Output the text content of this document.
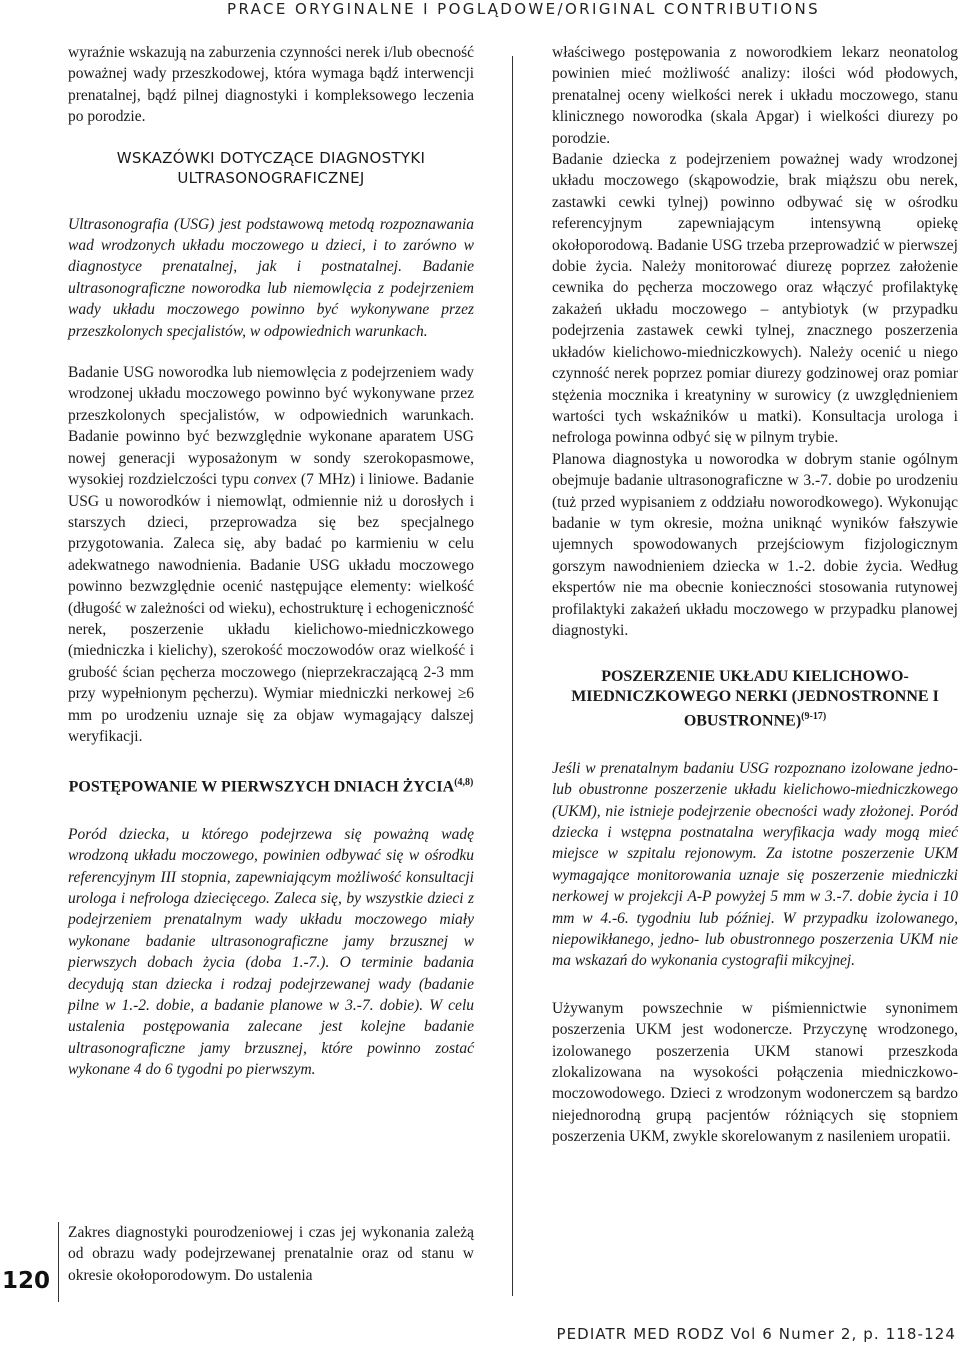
PRACE ORYGINALNE I POGLĄDOWE/ORIGINAL CONTRIBUTIONS

wyraźnie wskazują na zaburzenia czynności nerek i/lub obecność poważnej wady przeszkodowej, która wymaga bądź interwencji prenatalnej, bądź pilnej diagnostyki i kompleksowego leczenia po porodzie.

WSKAZÓWKI DOTYCZĄCE DIAGNOSTYKI ULTRASONOGRAFICZNEJ

Ultrasonografia (USG) jest podstawową metodą rozpoznawania wad wrodzonych układu moczowego u dzieci, i to zarówno w diagnostyce prenatalnej, jak i postnatalnej. Badanie ultrasonograficzne noworodka lub niemowlęcia z podejrzeniem wady układu moczowego powinno być wykonywane przez przeszkolonych specjalistów, w odpowiednich warunkach.

Badanie USG noworodka lub niemowlęcia z podejrzeniem wady wrodzonej układu moczowego powinno być wykonywane przez przeszkolonych specjalistów, w odpowiednich warunkach. Badanie powinno być bezwzględnie wykonane aparatem USG nowej generacji wyposażonym w sondy szerokopasmowe, wysokiej rozdzielczości typu convex (7 MHz) i liniowe. Badanie USG u noworodków i niemowląt, odmiennie niż u dorosłych i starszych dzieci, przeprowadza się bez specjalnego przygotowania. Zaleca się, aby badać po karmieniu w celu adekwatnego nawodnienia. Badanie USG układu moczowego powinno bezwzględnie ocenić następujące elementy: wielkość (długość w zależności od wieku), echostrukturę i echogeniczność nerek, poszerzenie układu kielichowo-miedniczkowego (miedniczka i kielichy), szerokość moczowodów oraz wielkość i grubość ścian pęcherza moczowego (nieprzekraczającą 2-3 mm przy wypełnionym pęcherzu). Wymiar miedniczki nerkowej ≥6 mm po urodzeniu uznaje się za objaw wymagający dalszej weryfikacji.

POSTĘPOWANIE W PIERWSZYCH DNIACH ŻYCIA$^{(4,8)}$

Poród dziecka, u którego podejrzewa się poważną wadę wrodzoną układu moczowego, powinien odbywać się w ośrodku referencyjnym III stopnia, zapewniającym możliwość konsultacji urologa i nefrologa dziecięcego. Zaleca się, by wszystkie dzieci z podejrzeniem prenatalnym wady układu moczowego miały wykonane badanie ultrasonograficzne jamy brzusznej w pierwszych dobach życia (doba 1.-7.). O terminie badania decydują stan dziecka i rodzaj podejrzewanej wady (badanie pilne w 1.-2. dobie, a badanie planowe w 3.-7. dobie). W celu ustalenia postępowania zalecane jest kolejne badanie ultrasonograficzne jamy brzusznej, które powinno zostać wykonane 4 do 6 tygodni po pierwszym.

Zakres diagnostyki pourodzeniowej i czas jej wykonania zależą od obrazu wady podejrzewanej prenatalnie oraz od stanu w okresie okołoporodowym. Do ustalenia

właściwego postępowania z noworodkiem lekarz neonatolog powinien mieć możliwość analizy: ilości wód płodowych, prenatalnej oceny wielkości nerek i układu moczowego, stanu klinicznego noworodka (skala Apgar) i wielkości diurezy po porodzie.

Badanie dziecka z podejrzeniem poważnej wady wrodzonej układu moczowego (skąpowodzie, brak miąższu obu nerek, zastawki cewki tylnej) powinno odbywać się w ośrodku referencyjnym zapewniającym intensywną opiekę okołoporodową. Badanie USG trzeba przeprowadzić w pierwszej dobie życia. Należy monitorować diurezę poprzez założenie cewnika do pęcherza moczowego oraz włączyć profilaktykę zakażeń układu moczowego – antybiotyk (w przypadku podejrzenia zastawek cewki tylnej, znacznego poszerzenia układów kielichowo-miedniczkowych). Należy ocenić u niego czynność nerek poprzez pomiar diurezy godzinowej oraz pomiar stężenia mocznika i kreatyniny w surowicy (z uwzględnieniem wartości tych wskaźników u matki). Konsultacja urologa i nefrologa powinna odbyć się w pilnym trybie.

Planowa diagnostyka u noworodka w dobrym stanie ogólnym obejmuje badanie ultrasonograficzne w 3.-7. dobie po urodzeniu (tuż przed wypisaniem z oddziału noworodkowego). Wykonując badanie w tym okresie, można uniknąć wyników fałszywie ujemnych spowodowanych przejściowym fizjologicznym gorszym nawodnieniem dziecka w 1.-2. dobie życia. Według ekspertów nie ma obecnie konieczności stosowania rutynowej profilaktyki zakażeń układu moczowego w przypadku planowej diagnostyki.

POSZERZENIE UKŁADU KIELICHOWO-MIEDNICZKOWEGO NERKI (JEDNOSTRONNE I OBUSTRONNE)$^{(9-17)}$

Jeśli w prenatalnym badaniu USG rozpoznano izolowane jedno- lub obustronne poszerzenie układu kielichowo-miedniczkowego (UKM), nie istnieje podejrzenie obecności wady złożonej. Poród dziecka i wstępna postnatalna weryfikacja wady mogą mieć miejsce w szpitalu rejonowym. Za istotne poszerzenie UKM wymagające monitorowania uznaje się poszerzenie miedniczki nerkowej w projekcji A-P powyżej 5 mm w 3.-7. dobie życia i 10 mm w 4.-6. tygodniu lub później. W przypadku izolowanego, niepowikłanego, jedno- lub obustronnego poszerzenia UKM nie ma wskazań do wykonania cystografii mikcyjnej.

Używanym powszechnie w piśmiennictwie synonimem poszerzenia UKM jest wodonercze. Przyczynę wrodzonego, izolowanego poszerzenia UKM stanowi przeszkoda zlokalizowana na wysokości połączenia miedniczkowo-moczowodowego. Dzieci z wrodzonym wodonerczem są bardzo niejednorodną grupą pacjentów różniących się stopniem poszerzenia UKM, zwykle skorelowanym z nasileniem uropatii.

120
PEDIATR MED RODZ Vol 6 Numer 2, p. 118-124
